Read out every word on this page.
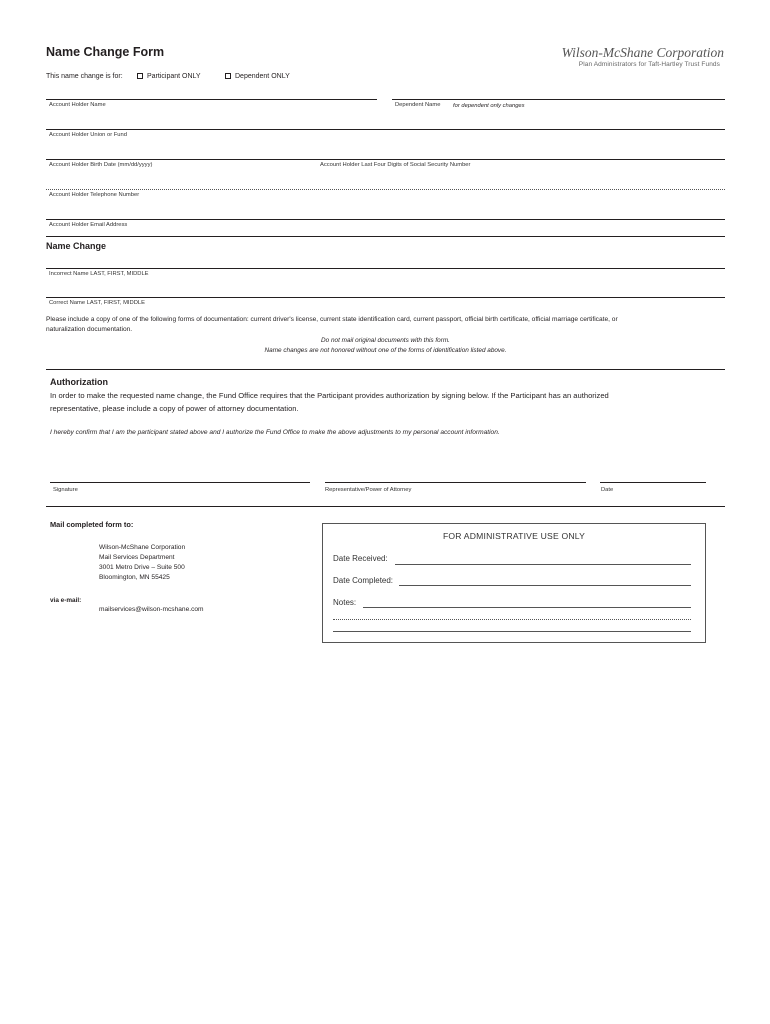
Name Change Form	Wilson-McShane Corporation
Plan Administrators for Taft-Hartley Trust Funds
This name change is for:	Participant ONLY	Dependent ONLY
Account Holder Name	Dependent Name for dependent only changes
Account Holder Union or Fund
Account Holder Birth Date (mm/dd/yyyy)	Account Holder Last Four Digits of Social Security Number
Account Holder Telephone Number
Account Holder Email Address
Name Change
Incorrect Name LAST, FIRST, MIDDLE
Correct Name LAST, FIRST, MIDDLE
Please include a copy of one of the following forms of documentation: current driver's license, current state identification card, current passport, official birth certificate, official marriage certificate, or
naturalization documentation.
Do not mail original documents with this form.
Name changes are not honored without one of the forms of identification listed above.
Authorization
In order to make the requested name change, the Fund Office requires that the Participant provides authorization by signing below. If the Participant has an authorized
representative, please include a copy of power of attorney documentation.
I hereby confirm that I am the participant stated above and I authorize the Fund Office to make the above adjustments to my personal account information.
Signature	Representative/Power of Attorney	Date
Mail completed form to:
Wilson-McShane Corporation
Mail Services Department
3001 Metro Drive – Suite 500
Bloomington, MN 55425
via e-mail:
mailservices@wilson-mcshane.com
FOR ADMINISTRATIVE USE ONLY
Date Received:
Date Completed:
Notes:
